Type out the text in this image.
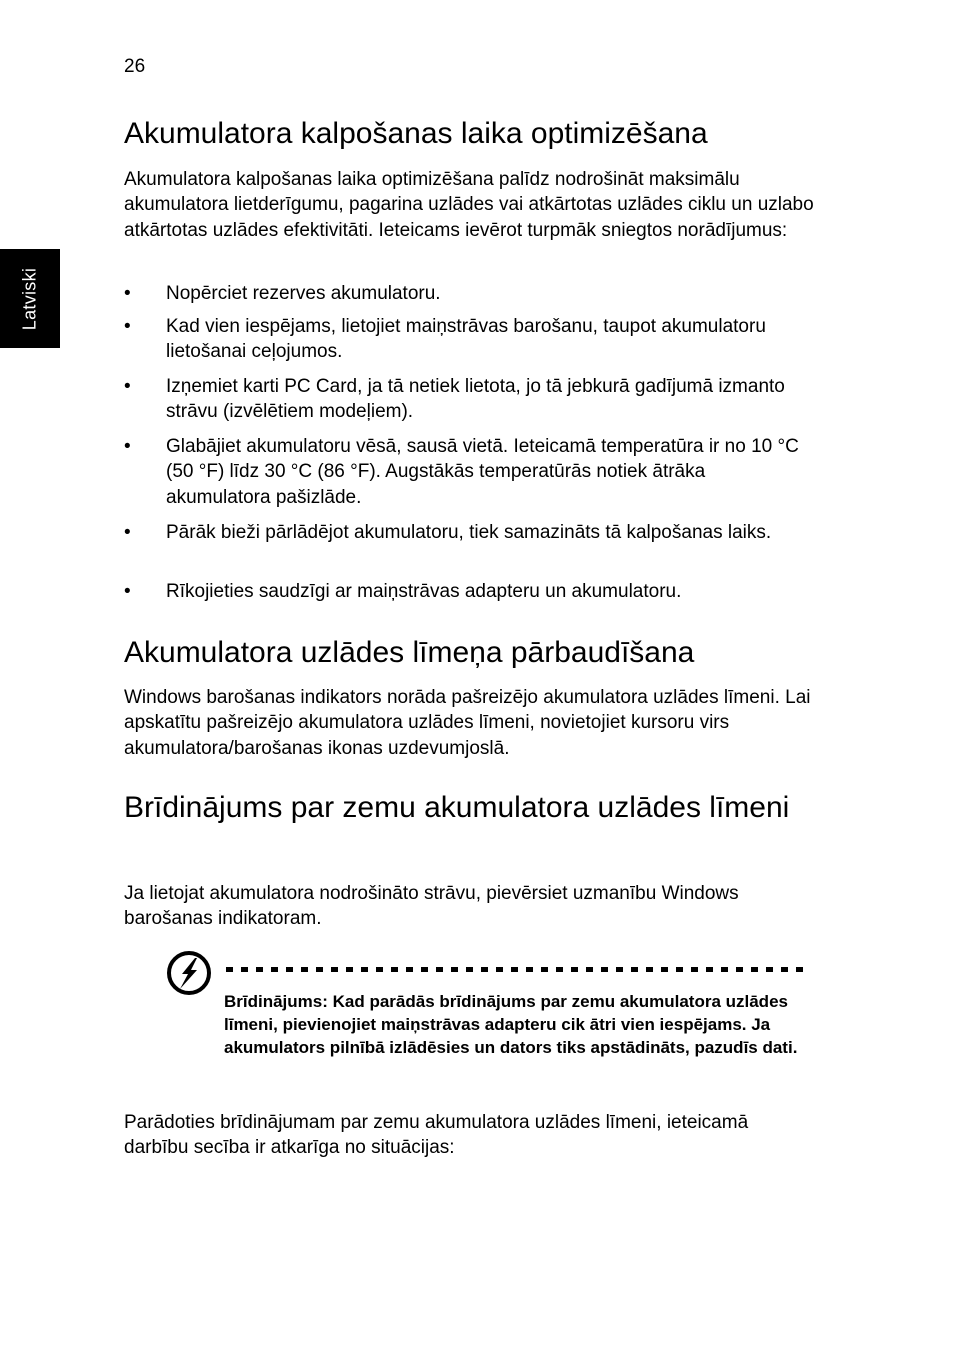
26
Latviski
Akumulatora kalpošanas laika optimizēšana

Akumulatora kalpošanas laika optimizēšana palīdz nodrošināt maksimālu akumulatora lietderīgumu, pagarina uzlādes vai atkārtotas uzlādes ciklu un uzlabo atkārtotas uzlādes efektivitāti. Ieteicams ievērot turpmāk sniegtos norādījumus:

• Nopērciet rezerves akumulatoru.
• Kad vien iespējams, lietojiet maiņstrāvas barošanu, taupot akumulatoru lietošanai ceļojumos.
• Izņemiet karti PC Card, ja tā netiek lietota, jo tā jebkurā gadījumā izmanto strāvu (izvēlētiem modeļiem).
• Glabājiet akumulatoru vēsā, sausā vietā. Ieteicamā temperatūra ir no 10 °C (50 °F) līdz 30 °C (86 °F). Augstākās temperatūrās notiek ātrāka akumulatora pašizlāde.
• Pārāk bieži pārlādējot akumulatoru, tiek samazināts tā kalpošanas laiks.
• Rīkojieties saudzīgi ar maiņstrāvas adapteru un akumulatoru.
Akumulatora uzlādes līmeņa pārbaudīšana

Windows barošanas indikators norāda pašreizējo akumulatora uzlādes līmeni. Lai apskatītu pašreizējo akumulatora uzlādes līmeni, novietojiet kursoru virs akumulatora/barošanas ikonas uzdevumjoslā.

Brīdinājums par zemu akumulatora uzlādes līmeni

Ja lietojat akumulatora nodrošināto strāvu, pievērsiet uzmanību Windows barošanas indikatoram.

Parādoties brīdinājumam par zemu akumulatora uzlādes līmeni, ieteicamā darbību secība ir atkarīga no situācijas:

Brīdinājums: Kad parādās brīdinājums par zemu akumulatora uzlādes līmeni, pievienojiet maiņstrāvas adapteru cik ātri vien iespējams. Ja akumulators pilnībā izlādēsies un dators tiks apstādināts, pazudīs dati.
